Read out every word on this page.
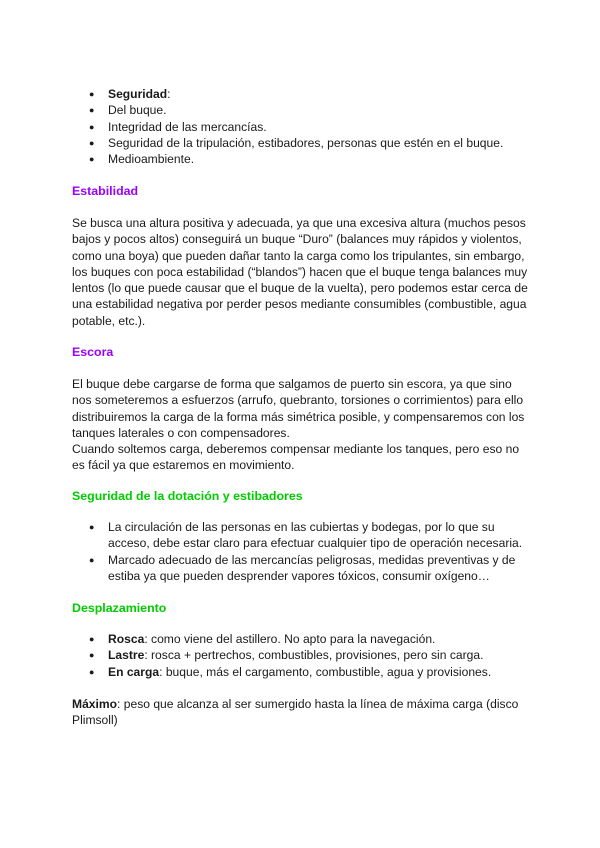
● Seguridad:
● Del buque.
● Integridad de las mercancías.
● Seguridad de la tripulación, estibadores, personas que estén en el buque.
● Medioambiente.
Estabilidad

Se busca una altura positiva y adecuada, ya que una excesiva altura (muchos pesos bajos y pocos altos) conseguirá un buque “Duro” (balances muy rápidos y violentos, como una boya) que pueden dañar tanto la carga como los tripulantes, sin embargo, los buques con poca estabilidad (“blandos”) hacen que el buque tenga balances muy lentos (lo que puede causar que el buque de la vuelta), pero podemos estar cerca de una estabilidad negativa por perder pesos mediante consumibles (combustible, agua potable, etc.).

Escora

El buque debe cargarse de forma que salgamos de puerto sin escora, ya que sino nos someteremos a esfuerzos (arrufo, quebranto, torsiones o corrimientos) para ello distribuiremos la carga de la forma más simétrica posible, y compensaremos con los tanques laterales o con compensadores.

Cuando soltemos carga, deberemos compensar mediante los tanques, pero eso no es fácil ya que estaremos en movimiento.

Seguridad de la dotación y estibadores
● La circulación de las personas en las cubiertas y bodegas, por lo que su acceso, debe estar claro para efectuar cualquier tipo de operación necesaria.
● Marcado adecuado de las mercancías peligrosas, medidas preventivas y de estiba ya que pueden desprender vapores tóxicos, consumir oxígeno…
Desplazamiento
● Rosca: como viene del astillero. No apto para la navegación.
● Lastre: rosca + pertrechos, combustibles, provisiones, pero sin carga.
● En carga: buque, más el cargamento, combustible, agua y provisiones.

Máximo: peso que alcanza al ser sumergido hasta la línea de máxima carga (disco Plimsoll)
